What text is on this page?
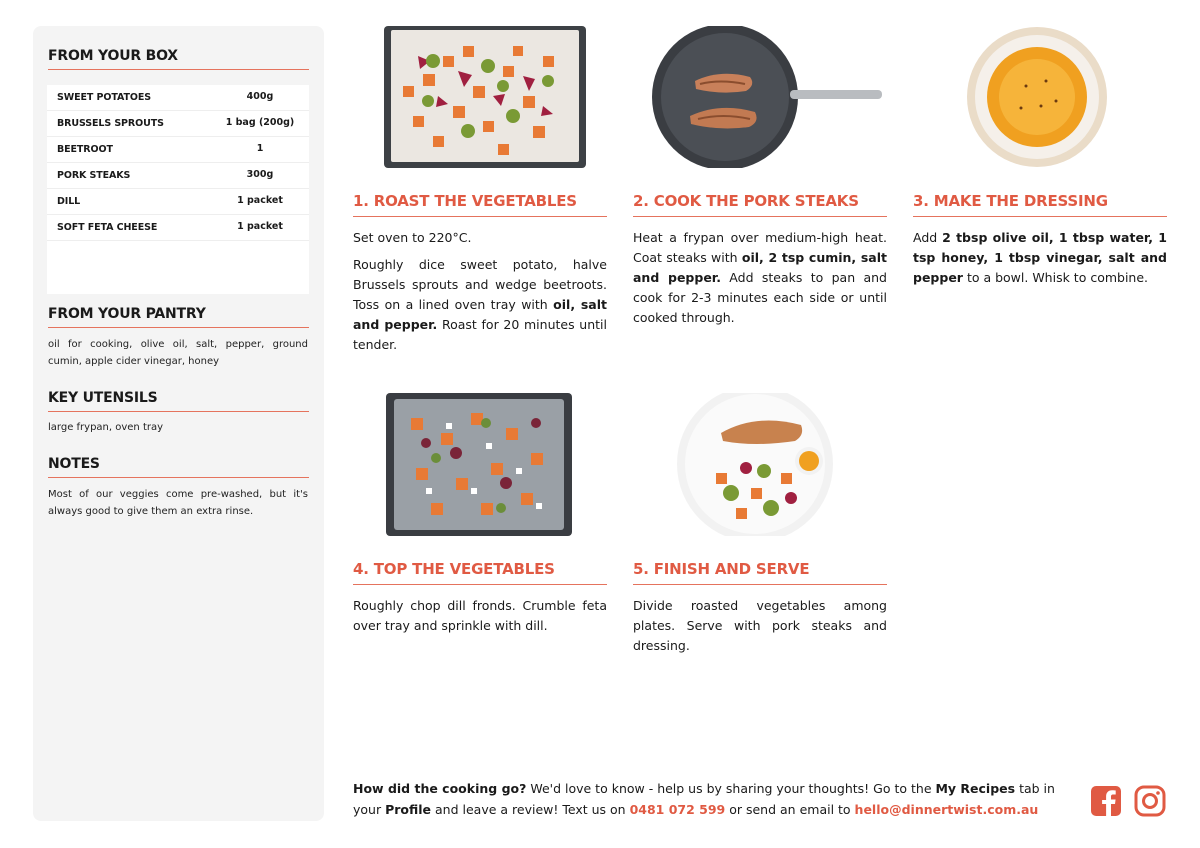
FROM YOUR BOX
SWEET POTATOES	400g
BRUSSELS SPROUTS	1 bag (200g)
BEETROOT	1
PORK STEAKS	300g
DILL	1 packet
SOFT FETA CHEESE	1 packet
FROM YOUR PANTRY
oil for cooking, olive oil, salt, pepper, ground cumin, apple cider vinegar, honey
KEY UTENSILS
large frypan, oven tray
NOTES
Most of our veggies come pre-washed, but it's always good to give them an extra rinse.
1. ROAST THE VEGETABLES

Set oven to 220°C.

Roughly dice sweet potato, halve Brussels sprouts and wedge beetroots. Toss on a lined oven tray with oil, salt and pepper. Roast for 20 minutes until tender.

2. COOK THE PORK STEAKS

Heat a frypan over medium-high heat. Coat steaks with oil, 2 tsp cumin, salt and pepper. Add steaks to pan and cook for 2-3 minutes each side or until cooked through.

3. MAKE THE DRESSING

Add 2 tbsp olive oil, 1 tbsp water, 1 tsp honey, 1 tbsp vinegar, salt and pepper to a bowl. Whisk to combine.

4. TOP THE VEGETABLES
Roughly chop dill fronds. Crumble feta over tray and sprinkle with dill.
5. FINISH AND SERVE
Divide roasted vegetables among plates. Serve with pork steaks and dressing.
How did the cooking go? We'd love to know - help us by sharing your thoughts! Go to the My Recipes tab in your Profile and leave a review! Text us on 0481 072 599 or send an email to hello@dinnertwist.com.au
